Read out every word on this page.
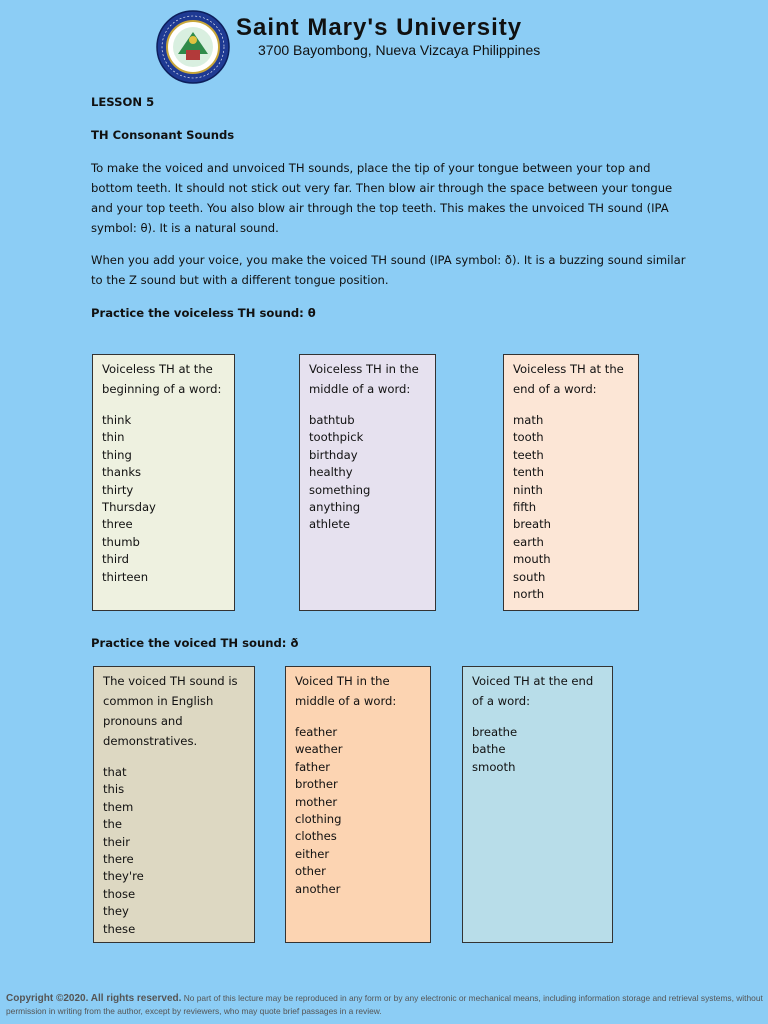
Saint Mary's University
3700 Bayombong, Nueva Vizcaya Philippines
LESSON 5
TH Consonant Sounds
To make the voiced and unvoiced TH sounds, place the tip of your tongue between your top and bottom teeth. It should not stick out very far. Then blow air through the space between your tongue and your top teeth. You also blow air through the top teeth. This makes the unvoiced TH sound (IPA symbol: θ). It is a natural sound.
When you add your voice, you make the voiced TH sound (IPA symbol: ð). It is a buzzing sound similar to the Z sound but with a different tongue position.
Practice the voiceless TH sound: θ
Voiceless TH at the beginning of a word:
think
thin
thing
thanks
thirty
Thursday
three
thumb
third
thirteen
Voiceless TH in the middle of a word:
bathtub
toothpick
birthday
healthy
something
anything
athlete
Voiceless TH at the end of a word:
math
tooth
teeth
tenth
ninth
fifth
breath
earth
mouth
south
north
Practice the voiced TH sound: ð
The voiced TH sound is common in English pronouns and demonstratives.
that
this
them
the
their
there
they're
those
they
these
Voiced TH in the middle of a word:
feather
weather
father
brother
mother
clothing
clothes
either
other
another
Voiced TH at the end of a word:
breathe
bathe
smooth
Copyright ©2020. All rights reserved. No part of this lecture may be reproduced in any form or by any electronic or mechanical means, including information storage and retrieval systems, without permission in writing from the author, except by reviewers, who may quote brief passages in a review.
